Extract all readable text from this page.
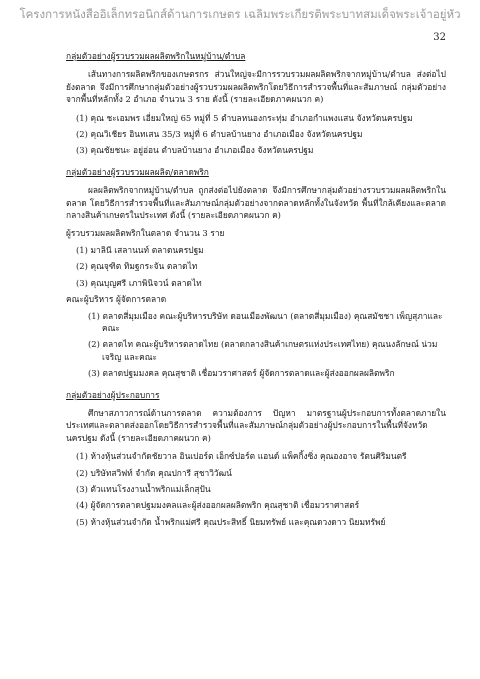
โครงการหนังสืออิเล็กทรอนิกส์ด้านการเกษตร เฉลิมพระเกียรติพระบาทสมเด็จพระเจ้าอยู่หัว
32

กลุ่มตัวอย่างผู้รวบรวมผลผลิตพริกในหมู่บ้าน/ตำบล

เส้นทางการผลิตพริกของเกษตรกร ส่วนใหญ่จะมีการรวบรวมผลผลิตพริกจากหมู่บ้าน/ตำบล ส่งต่อไปยังตลาด จึงมีการศึกษากลุ่มตัวอย่างผู้รวบรวมผลผลิตพริกโดยวิธีการสำรวจพื้นที่และสัมภาษณ์ กลุ่มตัวอย่างจากพื้นที่หลักทั้ง 2 อำเภอ จำนวน 3 ราย ดังนี้ (รายละเอียดภาคผนวก ค)

(1) คุณ ชะเอมพร เอี่ยมใหญ่ 65 หมู่ที่ 5 ตำบลหนองกระทุ่ม อำเภอกำแพงแสน จังหวัดนครปฐม

(2) คุณวิเชียร อินทเสน 35/3 หมู่ที่ 6 ตำบลบ้านยาง อำเภอเมือง จังหวัดนครปฐม

(3) คุณชัยชนะ อยู่อ่อน ตำบลบ้านยาง อำเภอเมือง จังหวัดนครปฐม

กลุ่มตัวอย่างผู้รวบรวมผลผลิต/ตลาดพริก

ผลผลิตพริกจากหมู่บ้าน/ตำบล ถูกส่งต่อไปยังตลาด จึงมีการศึกษากลุ่มตัวอย่างรวบรวมผลผลิตพริกในตลาด โดยวิธีการสำรวจพื้นที่และสัมภาษณ์กลุ่มตัวอย่างจากตลาดหลักทั้งในจังหวัด พื้นที่ใกล้เคียงและตลาดกลางสินค้าเกษตรในประเทศ ดังนี้ (รายละเอียดภาคผนวก ค)

ผู้รวบรวมผลผลิตพริกในตลาด จำนวน 3 ราย

(1) มาลินี เสลานนท์ ตลาดนครปฐม

(2) คุณจุฑิต ทิมฐกระจัน ตลาดไท

(3) คุณบุญศรี เภาพินิจวน์ ตลาดไท

คณะผู้บริหาร ผู้จัดการตลาด

(1) ตลาดสี่มุมเมือง คณะผู้บริหารบริษัท ดอนเมืองพัฒนา (ตลาดสี่มุมเมือง) คุณสมัชชา เพ็ญสุภาและคณะ

(2) ตลาดไท คณะผู้บริหารตลาดไทย (ตลาดกลางสินค้าเกษตรแห่งประเทศไทย) คุณนงลักษณ์ น่วมเจริญ และคณะ

(3) ตลาดปฐมมงคล คุณสุชาติ เชื่อมวราศาสตร์ ผู้จัดการตลาดและผู้ส่งออกผลผลิตพริก

กลุ่มตัวอย่างผู้ประกอบการ

ศึกษาสภาวการณ์ด้านการตลาด ความต้องการ ปัญหา มาตรฐานผู้ประกอบการทั้งตลาดภายในประเทศและตลาดส่งออกโดยวิธีการสำรวจพื้นที่และสัมภาษณ์กลุ่มตัวอย่างผู้ประกอบการในพื้นที่จังหวัดนครปฐม ดังนี้ (รายละเอียดภาคผนวก ค)

(1) ห้างหุ้นส่วนจำกัดชัยวาล อินเปอร์ต เอ็กซ์ปอร์ต แอนด์ แพ็คกิ้งซิ่ง คุณองอาจ รัตนศิริมนตรี

(2) บริษัทสวิฟท์ จำกัด คุณปการี สุชาวิวัฒน์

(3) ตัวแทนโรงงานน้ำพริกแม่เล็กสุปัน

(4) ผู้จัดการตลาดปฐมมงคลและผู้ส่งออกผลผลิตพริก คุณสุชาติ เชื่อมวราศาสตร์

(5) ห้างหุ้นส่วนจำกัด น้ำพริกแม่ศรี คุณประสิทธิ์ นิยมทรัพย์ และคุณดวงดาว นิยมทรัพย์
